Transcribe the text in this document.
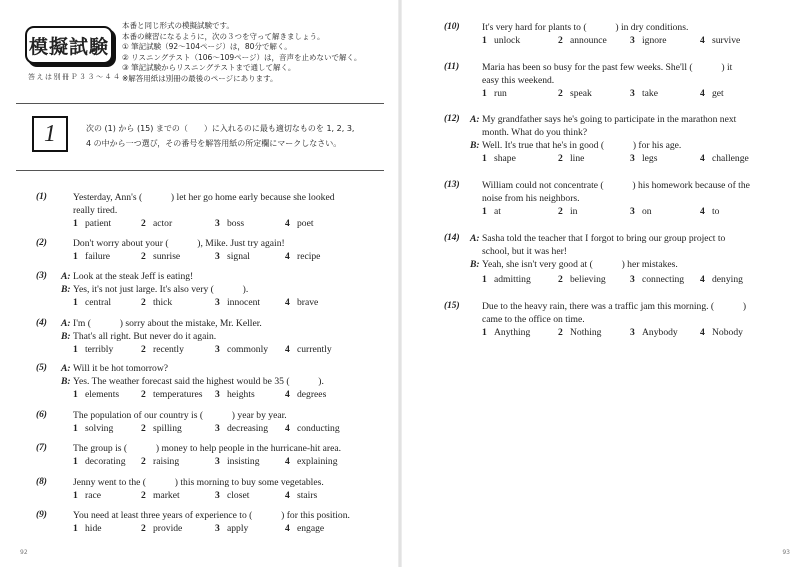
模擬試験
答えは別冊Ｐ３３～４４
本番と同じ形式の模擬試験です。
本番の練習になるように，次の３つを守って解きましょう。
① 筆記試験（92～104ページ）は，80分で解く。
② リスニングテスト（106～109ページ）は，音声を止めないで解く。
③ 筆記試験からリスニングテストまで通して解く。
※解答用紙は別冊の最後のページにあります。
1	次の (1) から (15) までの（　　）に入れるのに最も適切なものを 1, 2, 3,
4 の中から一つ選び，その番号を解答用紙の所定欄にマークしなさい。
(1)	Yesterday, Ann's (　　　) let her go home early because she looked
really tired.
1 patient	2 actor	3 boss	4 poet
(2)	Don't worry about your (　　　), Mike. Just try again!
1 failure	2 sunrise	3 signal	4 recipe
(3) A: Look at the steak Jeff is eating!
B: Yes, it's not just large. It's also very (　　　).
1 central	2 thick	3 innocent	4 brave
(4) A: I'm (　　　) sorry about the mistake, Mr. Keller.
B: That's all right. But never do it again.
1 terribly	2 recently	3 commonly 4 currently
(5) A: Will it be hot tomorrow?
B: Yes. The weather forecast said the highest would be 35 (　　　).
1 elements 2 temperatures 3 heights	4 degrees
(6)	The population of our country is (　　　) year by year.
1 solving	2 spilling	3 decreasing 4 conducting
(7)	The group is (　　　) money to help people in the hurricane-hit area.
1 decorating 2 raising	3 insisting	4 explaining
(8)	Jenny went to the (　　　) this morning to buy some vegetables.
1 race	2 market	3 closet	4 stairs
(9)	You need at least three years of experience to (　　　) for this position.
1 hide	2 provide	3 apply	4 engage
(10) It's very hard for plants to (　　　) in dry conditions.
1 unlock	2 announce 3 ignore	4 survive
(11) Maria has been so busy for the past few weeks. She'll (　　　) it
easy this weekend.
1 run	2 speak	3 take	4 get
(12) A: My grandfather says he's going to participate in the marathon next
month. What do you think?
B: Well. It's true that he's in good (　　　) for his age.
1 shape	2 line	3 legs	4 challenge
(13) William could not concentrate (　　　) his homework because of the
noise from his neighbors.
1 at	2 in	3 on	4 to
(14) A: Sasha told the teacher that I forgot to bring our group project to
school, but it was her!
B: Yeah, she isn't very good at (　　　) her mistakes.
1 admitting	2 believing	3 connecting 4 denying
(15) Due to the heavy rain, there was a traffic jam this morning. (　　　)
came to the office on time.
1 Anything	2 Nothing	3 Anybody 4 Nobody
92	93
